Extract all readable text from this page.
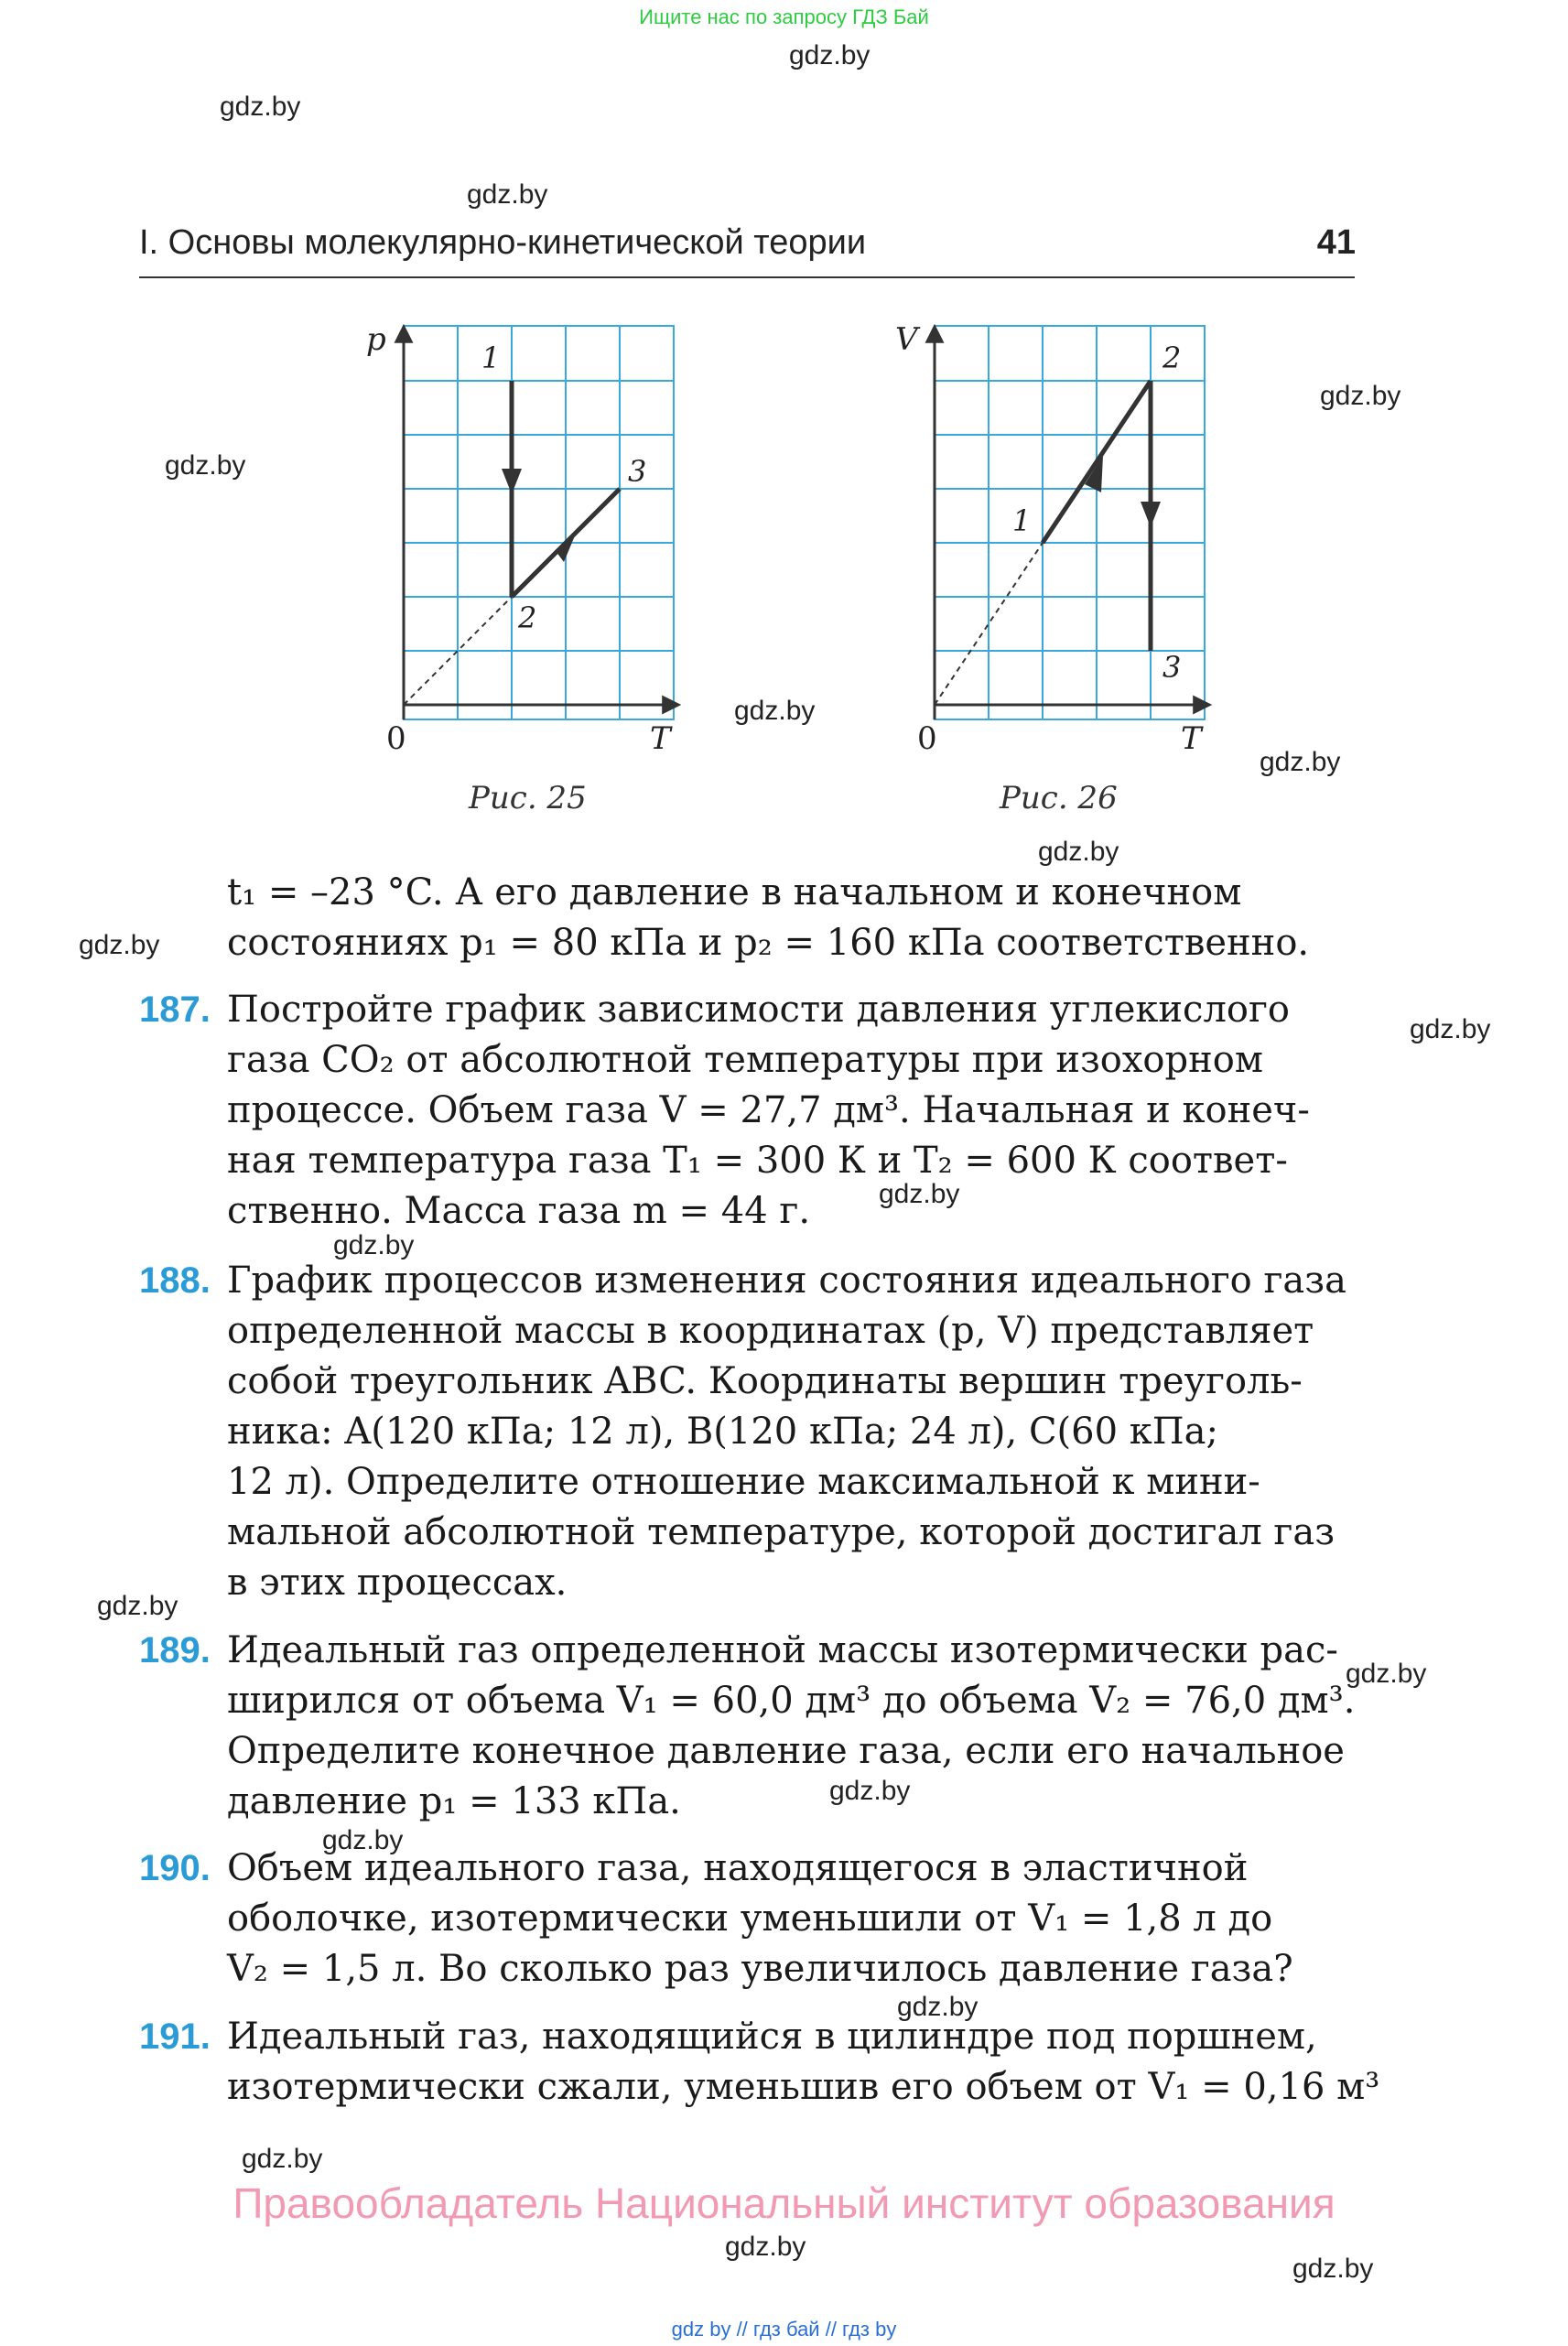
Ищите нас по запросу ГДЗ Бай
gdz.by
gdz.by
gdz.by
gdz.by
gdz.by
gdz.by
gdz.by
gdz.by
gdz.by
gdz.by
gdz.by
gdz.by
gdz.by
gdz.by
gdz.by
gdz.by
gdz.by
gdz.by
gdz.by
gdz.by
I. Основы молекулярно-кинетической теории	41
p
T
0
1
2
3
Рис. 25
V
T
0
1
2
3
Рис. 26
t₁ = –23 °C. А его давление в начальном и конечном
состояниях p₁ = 80 кПа и p₂ = 160 кПа соответственно.
187. Постройте график зависимости давления углекислого
газа CO₂ от абсолютной температуры при изохорном
процессе. Объем газа V = 27,7 дм³. Начальная и конеч-
ная температура газа T₁ = 300 К и T₂ = 600 К соответ-
ственно. Масса газа m = 44 г.
188. График процессов изменения состояния идеального газа
определенной массы в координатах (p, V) представляет
собой треугольник ABC. Координаты вершин треуголь-
ника: A(120 кПа; 12 л), B(120 кПа; 24 л), C(60 кПа;
12 л). Определите отношение максимальной к мини-
мальной абсолютной температуре, которой достигал газ
в этих процессах.
189. Идеальный газ определенной массы изотермически рас-
ширился от объема V₁ = 60,0 дм³ до объема V₂ = 76,0 дм³.
Определите конечное давление газа, если его начальное
давление p₁ = 133 кПа.
190. Объем идеального газа, находящегося в эластичной
оболочке, изотермически уменьшили от V₁ = 1,8 л до
V₂ = 1,5 л. Во сколько раз увеличилось давление газа?
191. Идеальный газ, находящийся в цилиндре под поршнем,
изотермически сжали, уменьшив его объем от V₁ = 0,16 м³
Правообладатель Национальный институт образования
gdz by // гдз бай // гдз by
